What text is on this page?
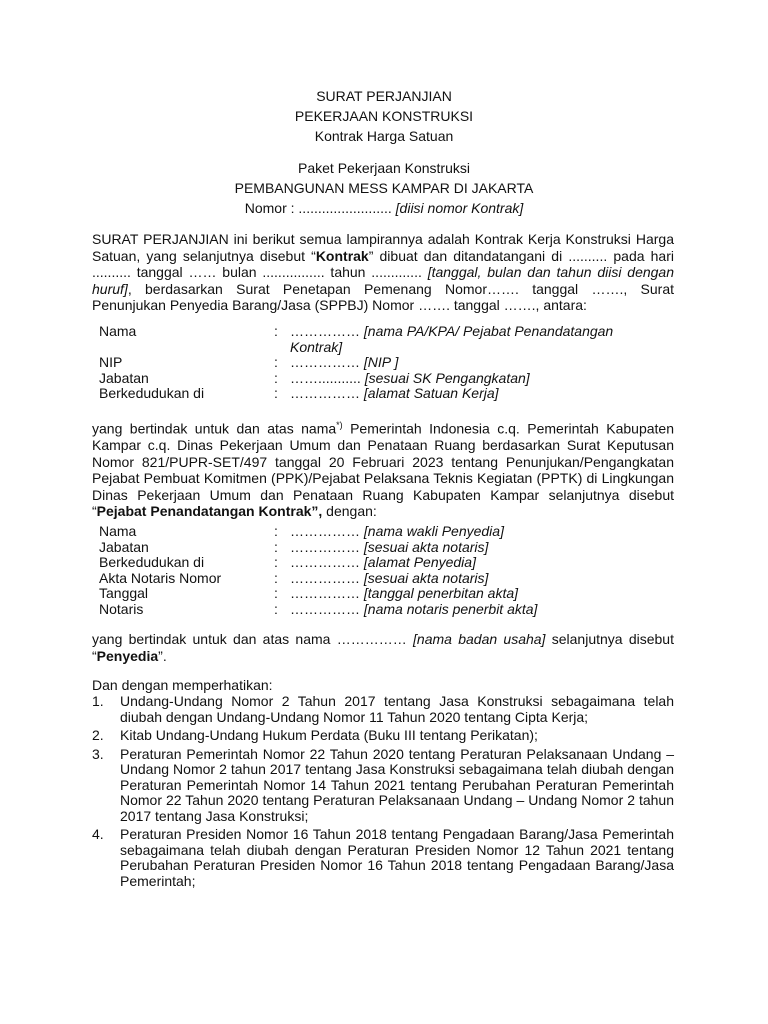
SURAT PERJANJIAN
PEKERJAAN KONSTRUKSI
Kontrak Harga Satuan
Paket Pekerjaan Konstruksi
PEMBANGUNAN MESS KAMPAR DI JAKARTA
Nomor : ........................ [diisi nomor Kontrak]
SURAT PERJANJIAN ini berikut semua lampirannya adalah Kontrak Kerja Konstruksi Harga Satuan, yang selanjutnya disebut “Kontrak” dibuat dan ditandatangani di .......... pada hari .......... tanggal …… bulan ................ tahun ............. [tanggal, bulan dan tahun diisi dengan huruf], berdasarkan Surat Penetapan Pemenang Nomor……. tanggal ……., Surat Penunjukan Penyedia Barang/Jasa (SPPBJ) Nomor ……. tanggal ……., antara:
Nama	: …………… [nama PA/KPA/ Pejabat Penandatangan Kontrak]
NIP	: …………… [NIP ]
Jabatan	: ……........... [sesuai SK Pengangkatan]
Berkedudukan di	: …………… [alamat Satuan Kerja]
yang bertindak untuk dan atas nama*) Pemerintah Indonesia c.q. Pemerintah Kabupaten Kampar c.q. Dinas Pekerjaan Umum dan Penataan Ruang berdasarkan Surat Keputusan Nomor 821/PUPR-SET/497 tanggal 20 Februari 2023 tentang Penunjukan/Pengangkatan Pejabat Pembuat Komitmen (PPK)/Pejabat Pelaksana Teknis Kegiatan (PPTK) di Lingkungan Dinas Pekerjaan Umum dan Penataan Ruang Kabupaten Kampar selanjutnya disebut “Pejabat Penandatangan Kontrak”, dengan:
Nama	: …………… [nama wakli Penyedia]
Jabatan	: …………… [sesuai akta notaris]
Berkedudukan di	: …………… [alamat Penyedia]
Akta Notaris Nomor	: …………… [sesuai akta notaris]
Tanggal	: …………… [tanggal penerbitan akta]
Notaris	: …………… [nama notaris penerbit akta]
yang bertindak untuk dan atas nama …………… [nama badan usaha] selanjutnya disebut “Penyedia”.
Dan dengan memperhatikan:
1.	Undang-Undang Nomor 2 Tahun 2017 tentang Jasa Konstruksi sebagaimana telah diubah dengan Undang-Undang Nomor 11 Tahun 2020 tentang Cipta Kerja;
2.	Kitab Undang-Undang Hukum Perdata (Buku III tentang Perikatan);
3.	Peraturan Pemerintah Nomor 22 Tahun 2020 tentang Peraturan Pelaksanaan Undang – Undang Nomor 2 tahun 2017 tentang Jasa Konstruksi sebagaimana telah diubah dengan Peraturan Pemerintah Nomor 14 Tahun 2021 tentang Perubahan Peraturan Pemerintah Nomor 22 Tahun 2020 tentang Peraturan Pelaksanaan Undang – Undang Nomor 2 tahun 2017 tentang Jasa Konstruksi;
4.	Peraturan Presiden Nomor 16 Tahun 2018 tentang Pengadaan Barang/Jasa Pemerintah sebagaimana telah diubah dengan Peraturan Presiden Nomor 12 Tahun 2021 tentang Perubahan Peraturan Presiden Nomor 16 Tahun 2018 tentang Pengadaan Barang/Jasa Pemerintah;
